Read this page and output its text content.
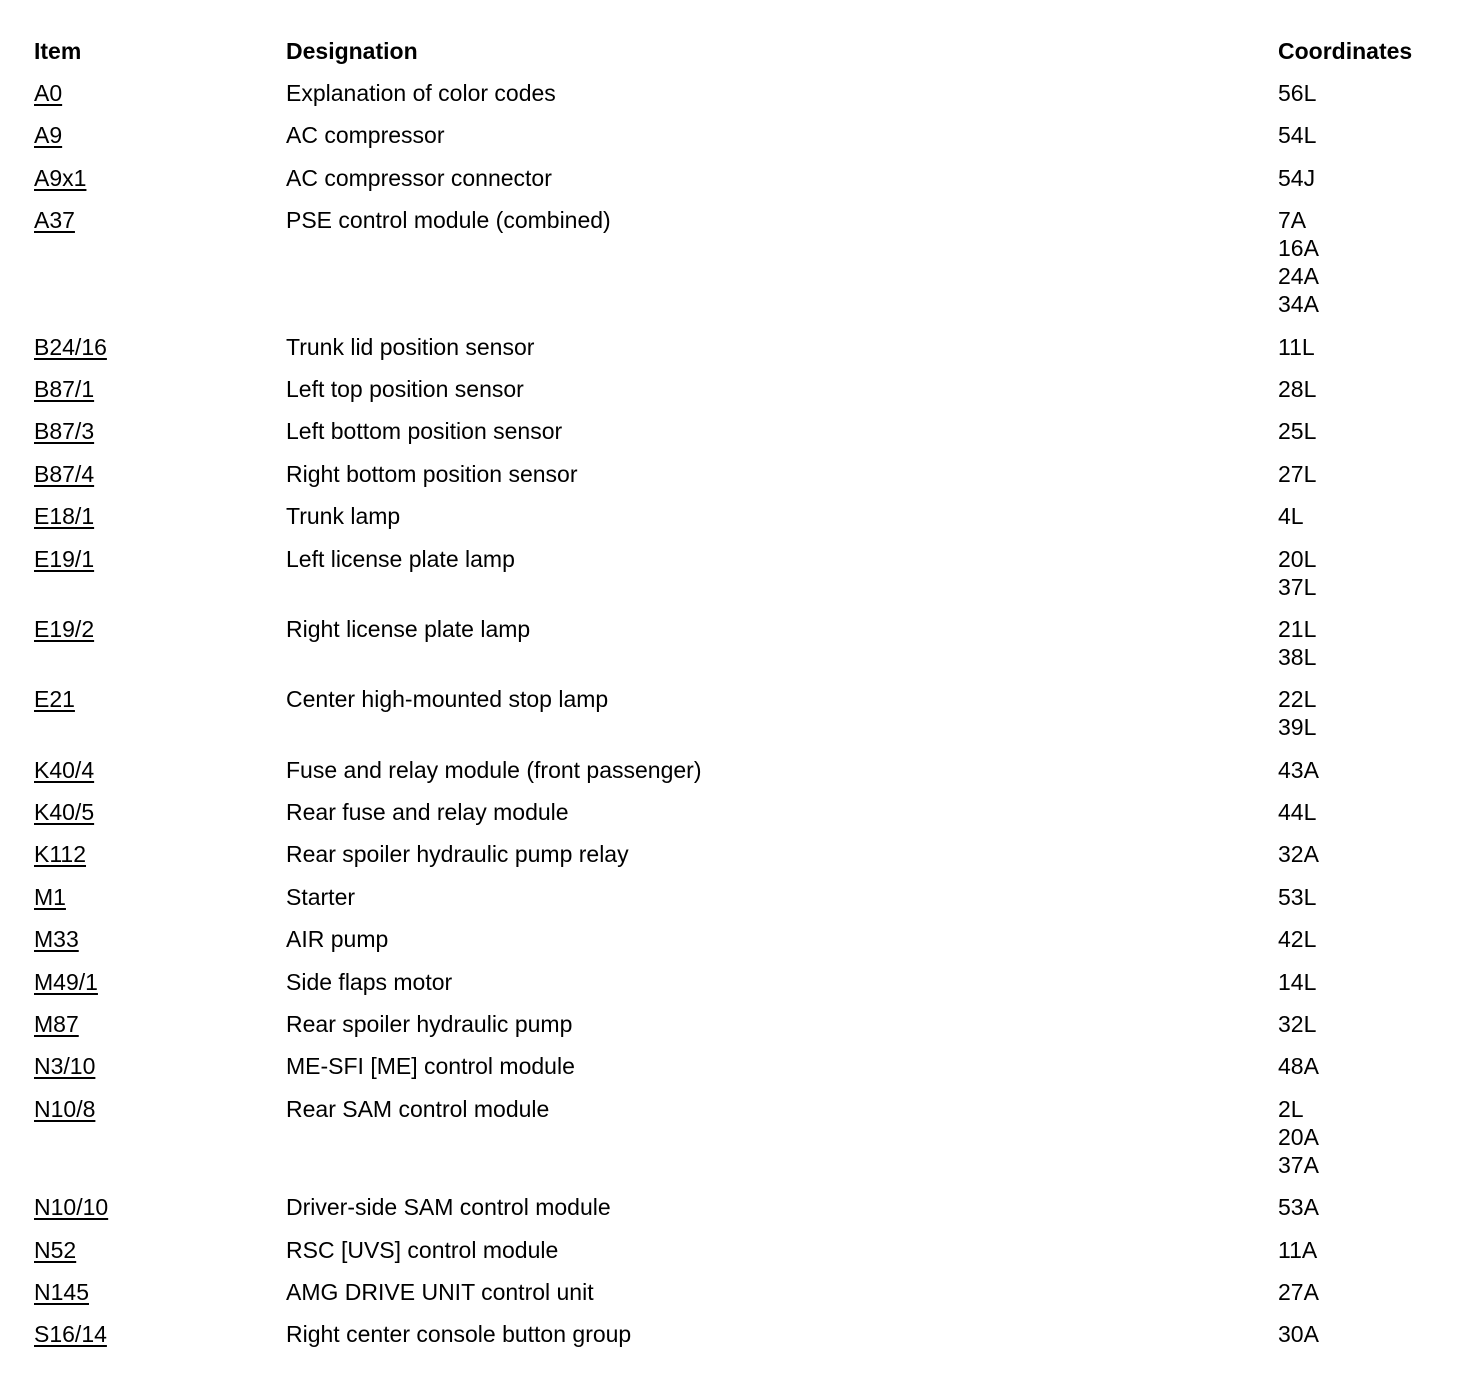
Item	Designation	Coordinates
A0	Explanation of color codes	56L
A9	AC compressor	54L
A9x1	AC compressor connector	54J
A37	PSE control module (combined)	7A
16A
24A
34A
B24/16	Trunk lid position sensor	11L
B87/1	Left top position sensor	28L
B87/3	Left bottom position sensor	25L
B87/4	Right bottom position sensor	27L
E18/1	Trunk lamp	4L
E19/1	Left license plate lamp	20L
37L
E19/2	Right license plate lamp	21L
38L
E21	Center high-mounted stop lamp	22L
39L
K40/4	Fuse and relay module (front passenger)	43A
K40/5	Rear fuse and relay module	44L
K112	Rear spoiler hydraulic pump relay	32A
M1	Starter	53L
M33	AIR pump	42L
M49/1	Side flaps motor	14L
M87	Rear spoiler hydraulic pump	32L
N3/10	ME-SFI [ME] control module	48A
N10/8	Rear SAM control module	2L
20A
37A
N10/10	Driver-side SAM control module	53A
N52	RSC [UVS] control module	11A
N145	AMG DRIVE UNIT control unit	27A
S16/14	Right center console button group	30A
